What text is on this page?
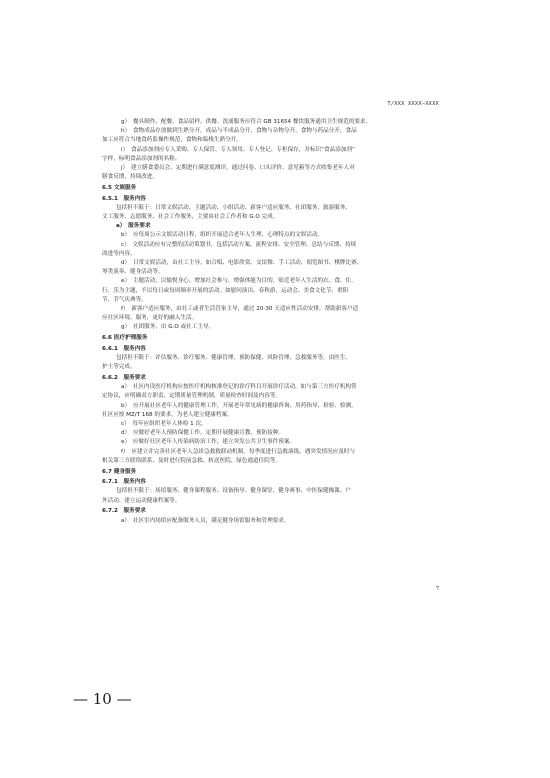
T/XXX XXXX—XXXX
g）　餐具制作、配餐、食品留样、供餐、洗涌服务应符合 GB 31654 餐饮服务通用卫生规范的要求。
h）　食物成品存放做到生熟分开，成品与半成品分开，食物与杂物分开，食物与药品分开，食品
加工应符合当地食药监操作规范，食物和临栈生熟分开。
i）　食品添加剂应专人采购、专人保管、专人领用、专人登记、专柜保存，并标识“食品添加剂”
字样，标明食品添加剂的名称。
j）　建立膳食委员会，定期进行满意度测评，通过问卷、口头评价、意见箱等方式收集老年人对
膳食反馈，持续改进。
6.5 文娱服务
6.5.1　服务内容
包括但不限于：日常文娱活动、主题活动、小组活动、新客户适应服务、社团服务、旅游服务、
文工服务、志愿服务、社会工作服务，主要由社会工作者和 G.O 完成。
a）　服务要求
b）　应每周公示文娱活动日程，组织开展适合老年人生理、心理特点的文娱活动。
c）　文娱活动应有完整的活动策划书，包括活动方案、流程安排、安全管理、总结与反馈、持续
改进等内容。
d）　日常文娱活动，由社工主导，如合唱、电影欣赏、交谊舞、手工活动、阅览图书、棋牌比赛、
琴类演奏、健身活动等。
e）　主题活动，以愉悦身心、增加社会参与、增强体能为目的，贴近老年人生活的衣、食、住、
行、乐为主题，不以每日或每周频率开展的活动。如慰问演出、春秋游、运动会、美食文化节、重阳
节、节气庆典等。
f）　新客户适应服务，由社工或者生活管家主导，通过 20-30 天适应性活动安排，帮助新客户适
应社区环境、服务，更好的融入生活。
g）　社团服务，由 G.O 或社工主导。
6.6 医疗护理服务
6.6.1　服务内容
包括但不限于：评估服务、诊疗服务、健康管理、预防保健、风险管理、急救服务等，由医生、
护士等完成。
6.6.2　服务要求
a）　社区内设医疗机构应按医疗机构核准登记的诊疗科目开展诊疗活动，如与第三方医疗机构签
定协议，应明确双方职责，定期质量管理机制，质量检查时间及内容等。
b）　应开展社区老年人的健康管理工作，开展老年常见病的健康咨询、用药指导、检验、检测，
社区应按 MZ/T 168 的要求，为老人建立健康档案。
c）　每年应组织老年人体检 1 次。
d）　应做好老年人预防保健工作，定期开展健康宣教，预防接种。
e）　应做好社区老年人传染病防治工作，建立突发公共卫生事件预案。
f）　应建立并完善社区老年人急诊急救救联动机制，每季度进行急救演练，遇突发情况应及时与
相关第三方联络联系，及时进行院前急救、转送医院、绿色通道住院等。
6.7 健身服务
6.7.1　服务内容
包括但不限于：场馆服务、健身课程服务、设备指导、健身课堂、健身赛事、中医保健操课、户
外活动、建立运动健康档案等。
6.7.2　服务要求
a）　社区室内场馆应配备服务人员，满足健身场馆服务和管理要求。
7
— 10 —
